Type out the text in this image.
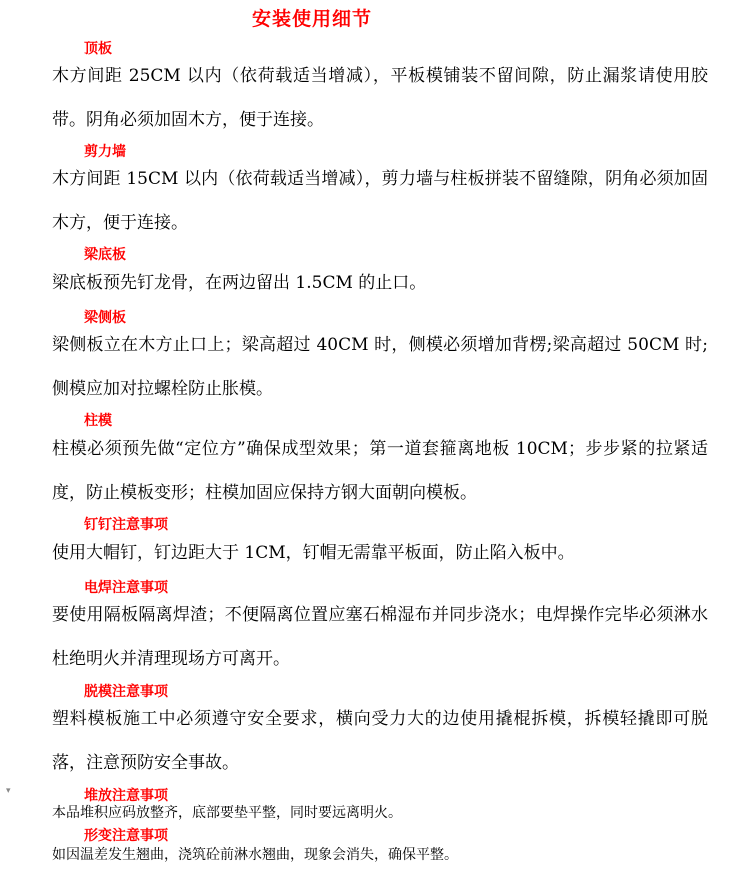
安装使用细节
顶板
木方间距 25CM 以内（依荷载适当增减），平板模铺装不留间隙，防止漏浆请使用胶带。阴角必须加固木方，便于连接。
剪力墙
木方间距 15CM 以内（依荷载适当增减），剪力墙与柱板拼装不留缝隙，阴角必须加固木方，便于连接。
梁底板
梁底板预先钉龙骨，在两边留出 1.5CM 的止口。
梁侧板
梁侧板立在木方止口上；梁高超过 40CM 时，侧模必须增加背楞;梁高超过 50CM 时;侧模应加对拉螺栓防止胀模。
柱模
柱模必须预先做“定位方”确保成型效果；第一道套箍离地板 10CM；步步紧的拉紧适度，防止模板变形；柱模加固应保持方钢大面朝向模板。
钉钉注意事项
使用大帽钉，钉边距大于 1CM，钉帽无需靠平板面，防止陷入板中。
电焊注意事项
要使用隔板隔离焊渣；不便隔离位置应塞石棉湿布并同步浇水；电焊操作完毕必须淋水杜绝明火并清理现场方可离开。
脱模注意事项
塑料模板施工中必须遵守安全要求，横向受力大的边使用撬棍拆模，拆模轻撬即可脱落，注意预防安全事故。
▾	堆放注意事项
本品堆积应码放整齐，底部要垫平整，同时要远离明火。
形变注意事项
如因温差发生翘曲，浇筑砼前淋水翘曲，现象会消失，确保平整。
